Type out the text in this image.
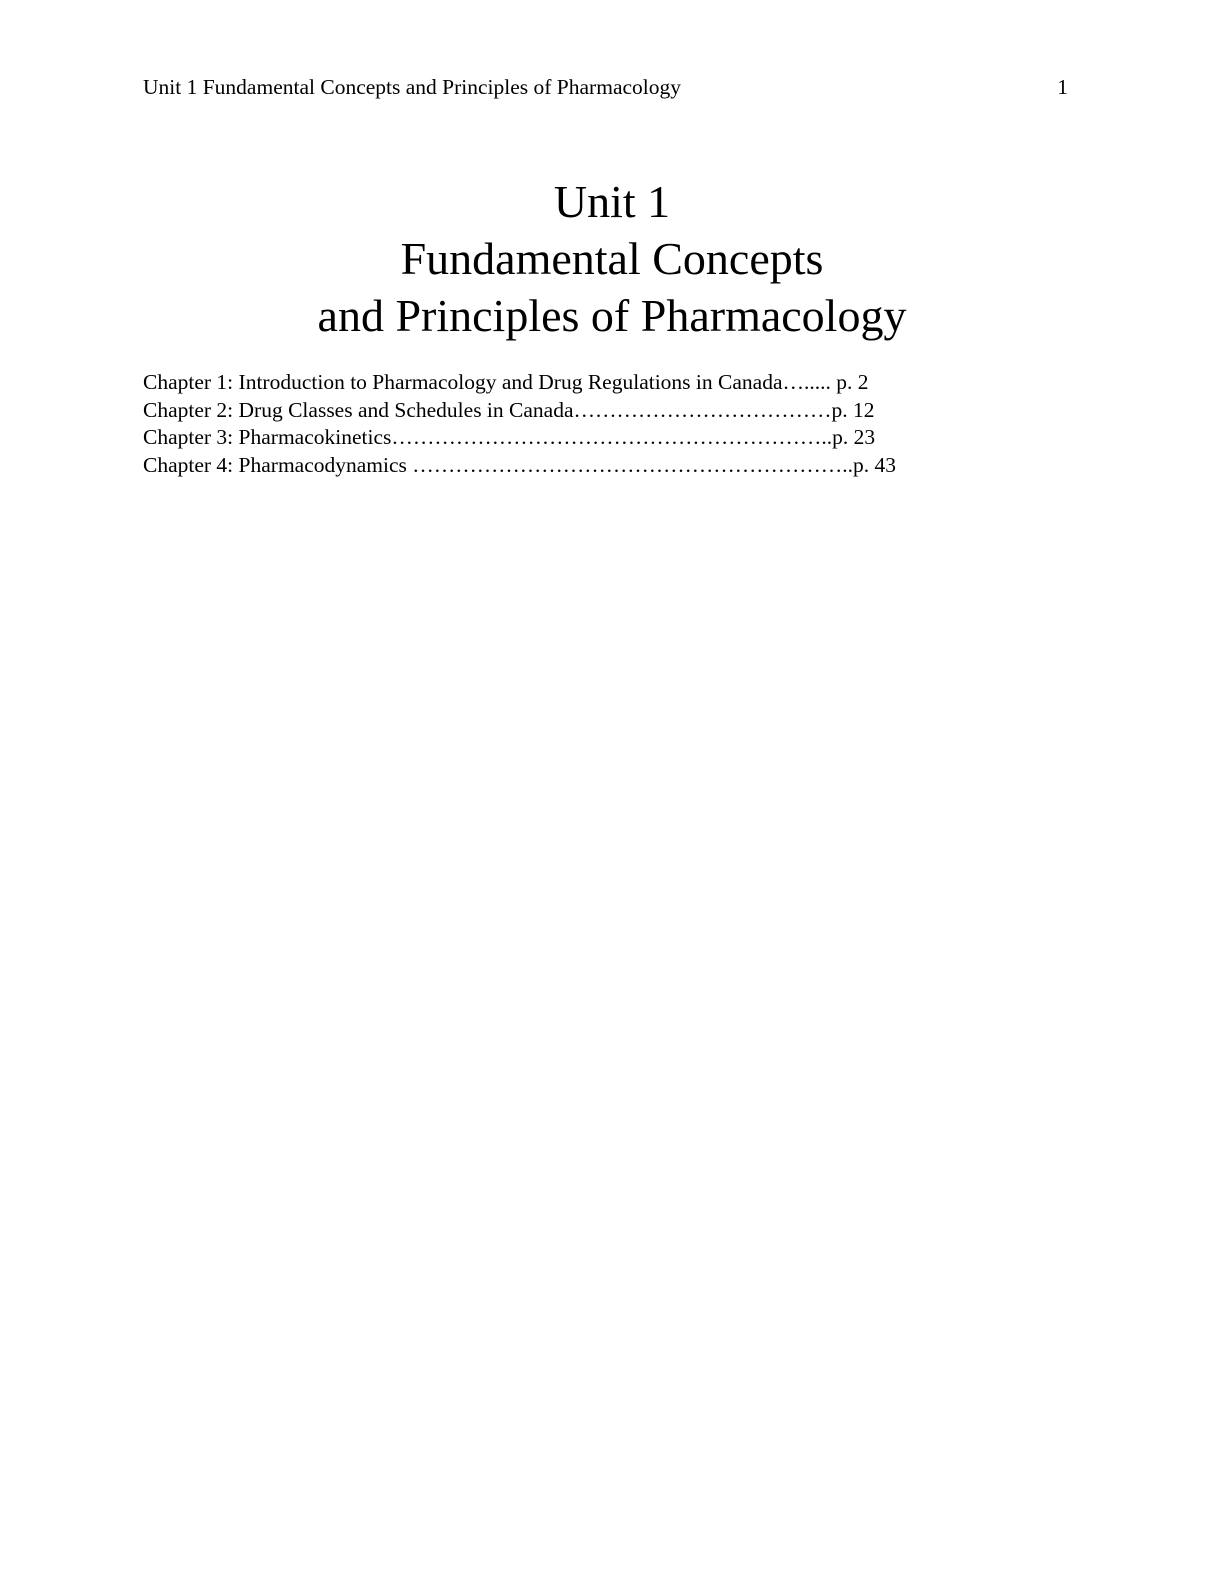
Unit 1 Fundamental Concepts and Principles of Pharmacology	1
Unit 1
Fundamental Concepts
and Principles of Pharmacology
Chapter 1: Introduction to Pharmacology and Drug Regulations in Canada…..... p. 2
Chapter 2: Drug Classes and Schedules in Canada………………………………p. 12
Chapter 3: Pharmacokinetics……………………………………………………..p. 23
Chapter 4: Pharmacodynamics ……………………………………………………..p. 43
